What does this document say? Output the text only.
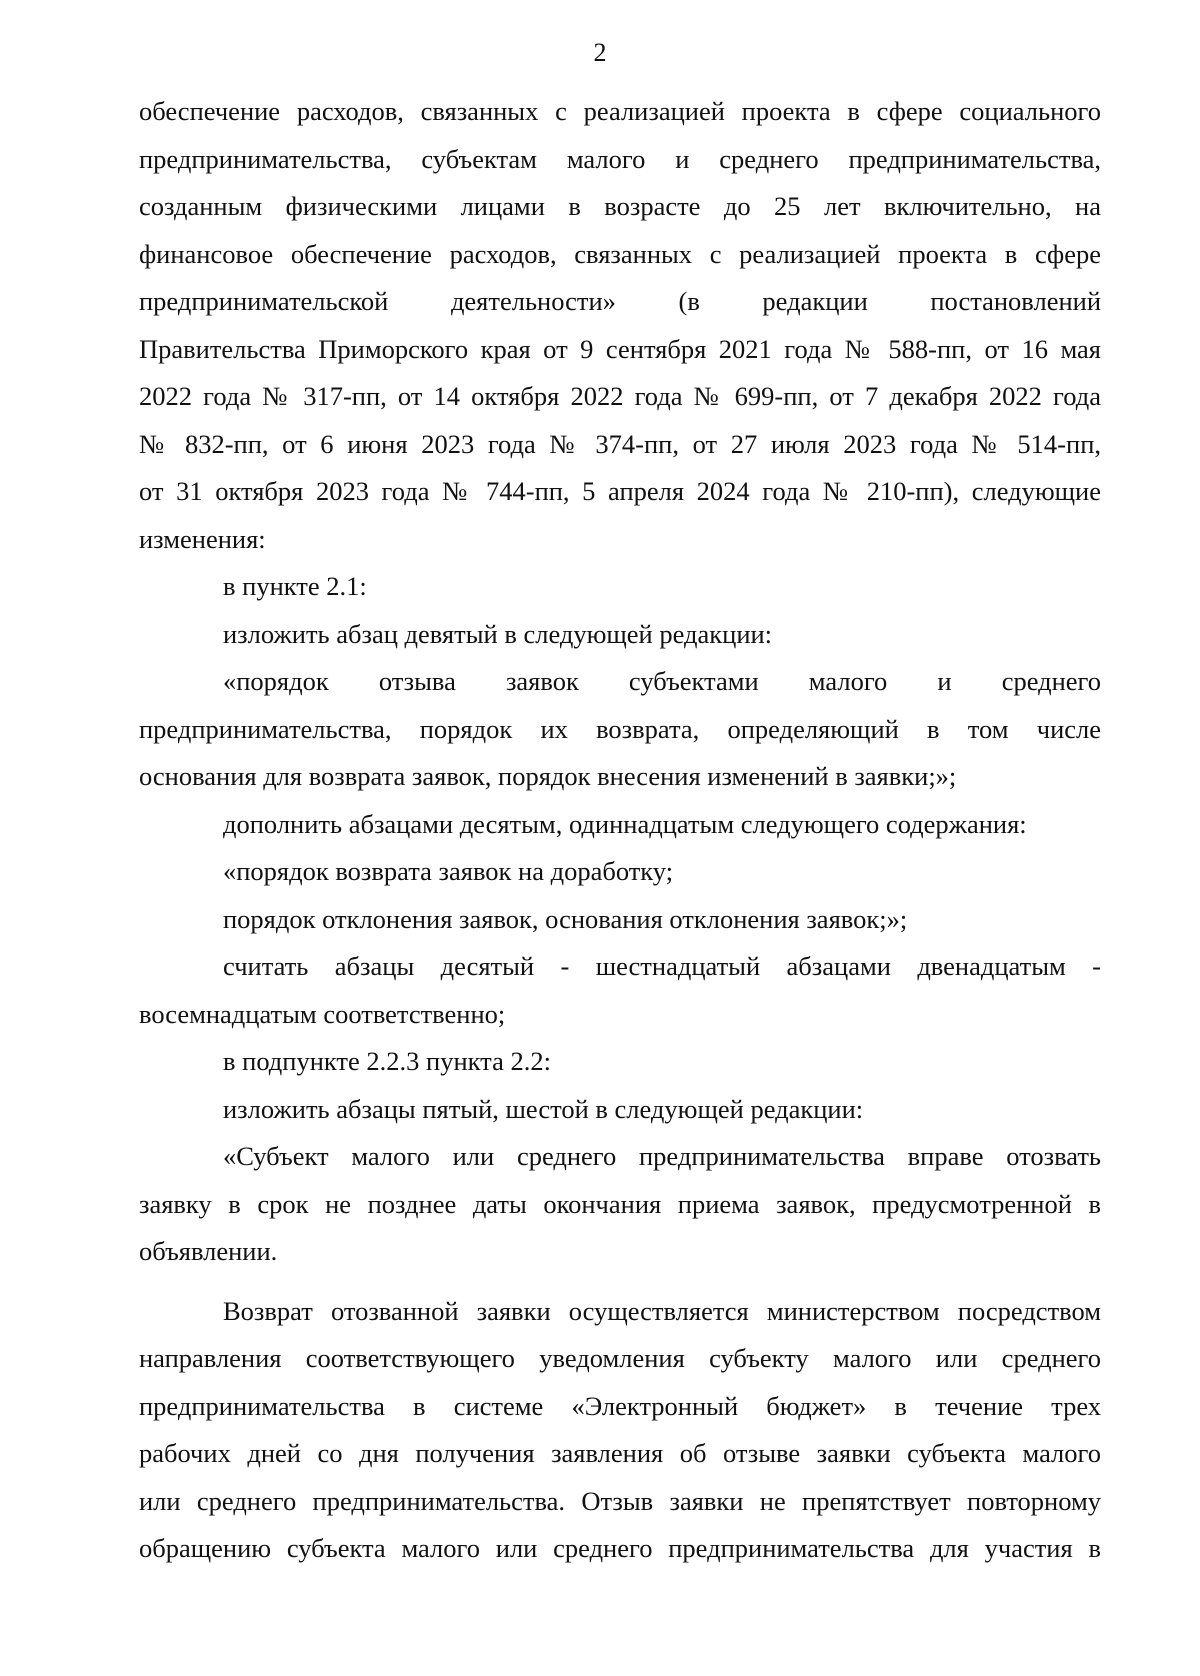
2
обеспечение расходов, связанных с реализацией проекта в сфере социального
предпринимательства, субъектам малого и среднего предпринимательства,
созданным физическими лицами в возрасте до 25 лет включительно, на
финансовое обеспечение расходов, связанных с реализацией проекта в сфере
предпринимательской деятельности» (в редакции постановлений
Правительства Приморского края от 9 сентября 2021 года № 588-пп, от 16 мая
2022 года № 317-пп, от 14 октября 2022 года № 699-пп, от 7 декабря 2022 года
№ 832-пп, от 6 июня 2023 года № 374-пп, от 27 июля 2023 года № 514-пп,
от 31 октября 2023 года № 744-пп, 5 апреля 2024 года № 210-пп), следующие
изменения:
в пункте 2.1:
изложить абзац девятый в следующей редакции:
«порядок отзыва заявок субъектами малого и среднего
предпринимательства, порядок их возврата, определяющий в том числе
основания для возврата заявок, порядок внесения изменений в заявки;»;
дополнить абзацами десятым, одиннадцатым следующего содержания:
«порядок возврата заявок на доработку;
порядок отклонения заявок, основания отклонения заявок;»;
считать абзацы десятый - шестнадцатый абзацами двенадцатым -
восемнадцатым соответственно;
в подпункте 2.2.3 пункта 2.2:
изложить абзацы пятый, шестой в следующей редакции:
«Субъект малого или среднего предпринимательства вправе отозвать
заявку в срок не позднее даты окончания приема заявок, предусмотренной в
объявлении.
Возврат отозванной заявки осуществляется министерством посредством
направления соответствующего уведомления субъекту малого или среднего
предпринимательства в системе «Электронный бюджет» в течение трех
рабочих дней со дня получения заявления об отзыве заявки субъекта малого
или среднего предпринимательства. Отзыв заявки не препятствует повторному
обращению субъекта малого или среднего предпринимательства для участия в
